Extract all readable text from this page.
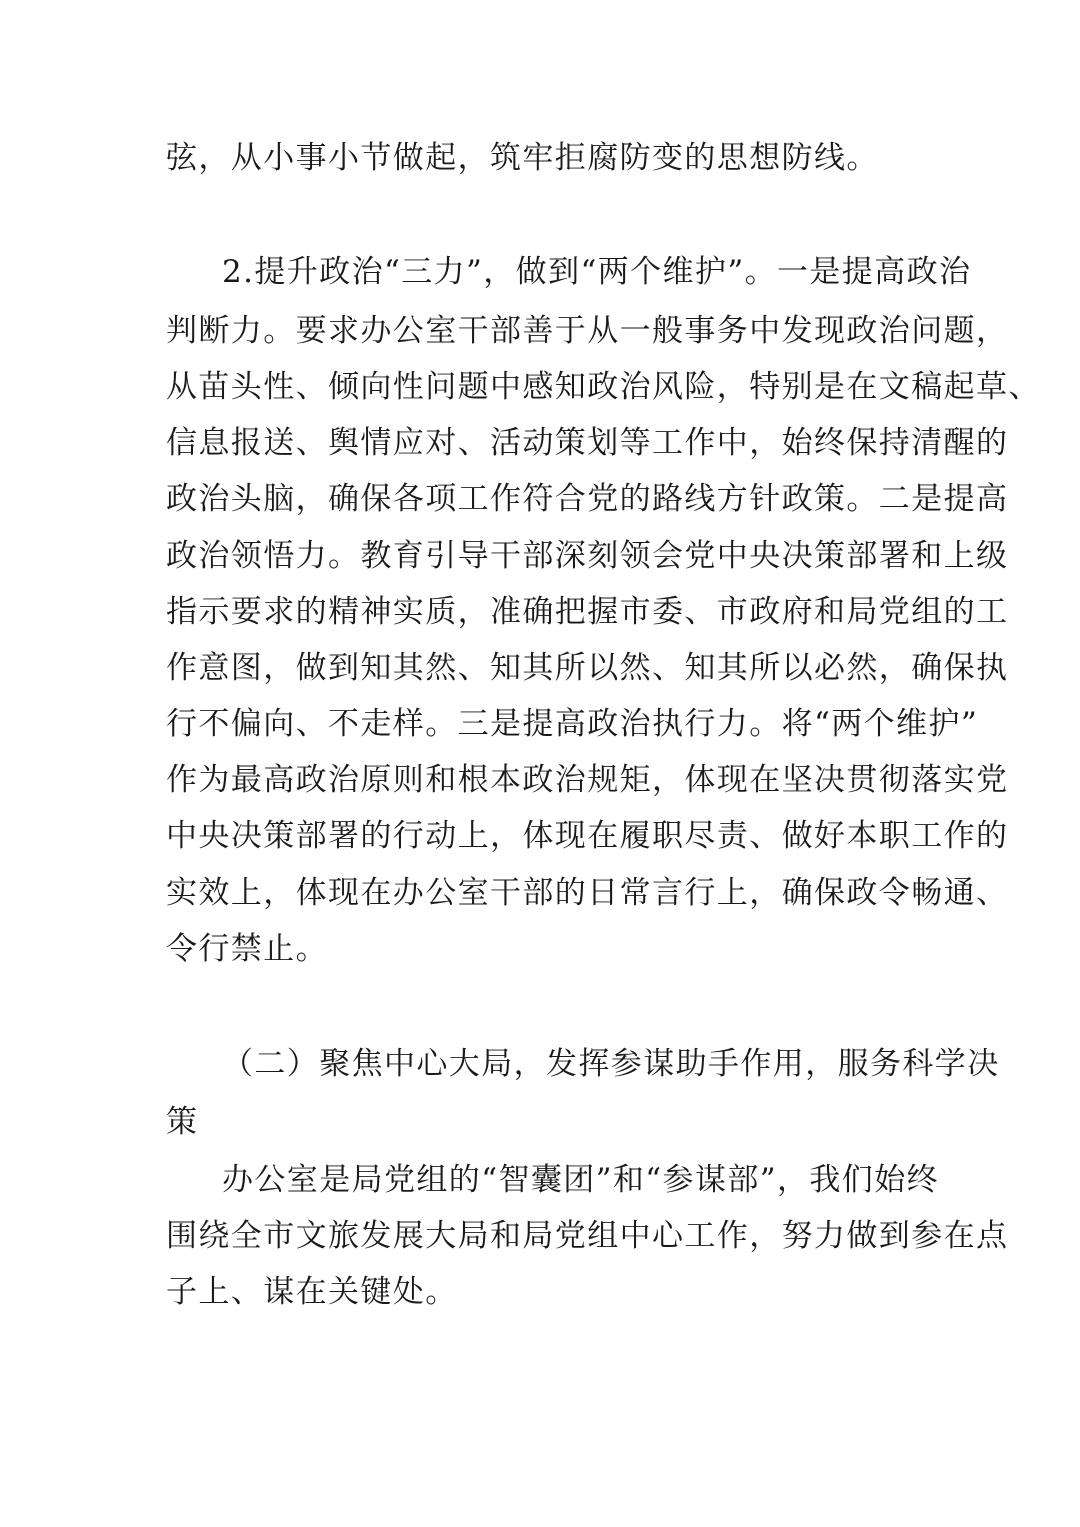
弦，从小事小节做起，筑牢拒腐防变的思想防线。

2.提升政治“三力”，做到“两个维护”。一是提高政治

判断力。要求办公室干部善于从一般事务中发现政治问题，

从苗头性、倾向性问题中感知政治风险，特别是在文稿起草、

信息报送、舆情应对、活动策划等工作中，始终保持清醒的

政治头脑，确保各项工作符合党的路线方针政策。二是提高

政治领悟力。教育引导干部深刻领会党中央决策部署和上级

指示要求的精神实质，准确把握市委、市政府和局党组的工

作意图，做到知其然、知其所以然、知其所以必然，确保执

行不偏向、不走样。三是提高政治执行力。将“两个维护”

作为最高政治原则和根本政治规矩，体现在坚决贯彻落实党

中央决策部署的行动上，体现在履职尽责、做好本职工作的

实效上，体现在办公室干部的日常言行上，确保政令畅通、

令行禁止。

（二）聚焦中心大局，发挥参谋助手作用，服务科学决

策

办公室是局党组的“智囊团”和“参谋部”，我们始终

围绕全市文旅发展大局和局党组中心工作，努力做到参在点

子上、谋在关键处。
